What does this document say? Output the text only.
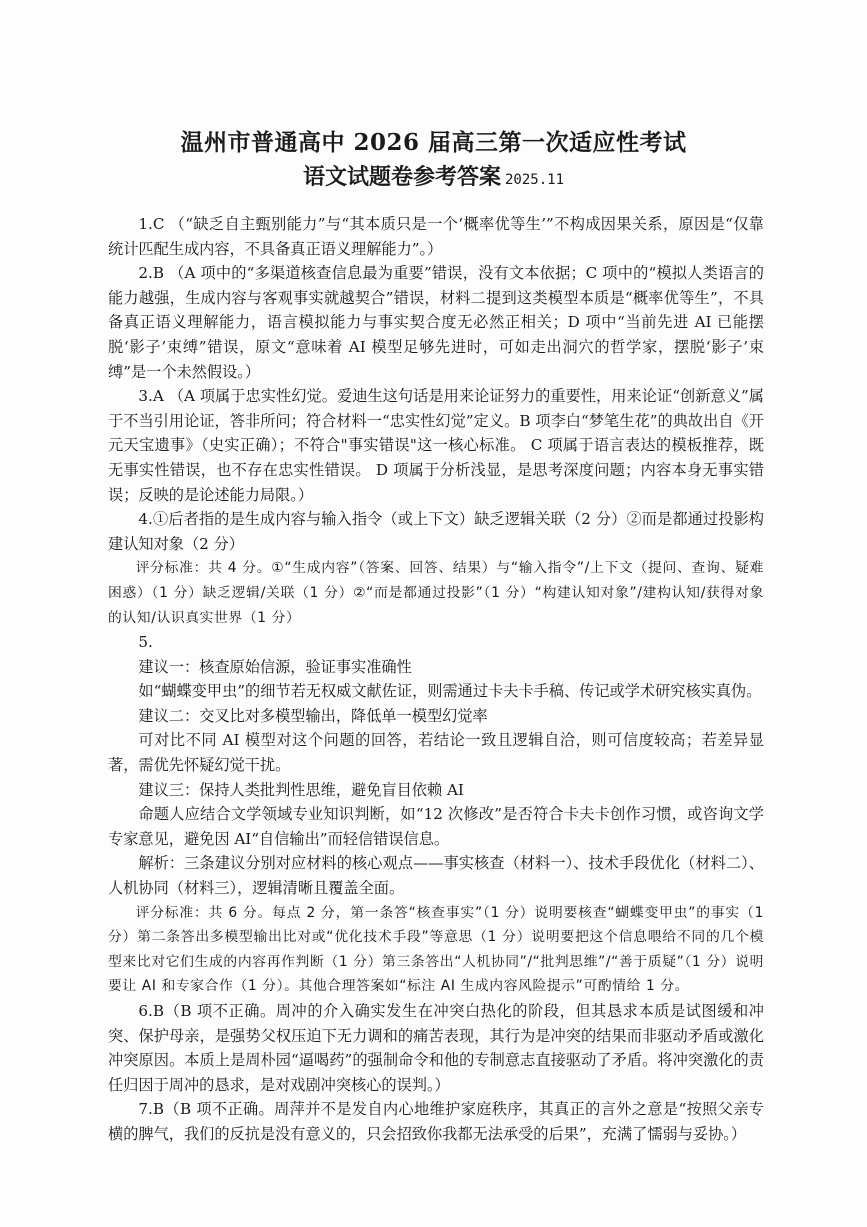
温州市普通高中 2026 届高三第一次适应性考试
语文试题卷参考答案 2025.11

1.C （“缺乏自主甄别能力”与“其本质只是一个‘概率优等生’”不构成因果关系，原因是“仅靠统计匹配生成内容，不具备真正语义理解能力”。）

2.B （A 项中的“多渠道核查信息最为重要”错误，没有文本依据；C 项中的“模拟人类语言的能力越强，生成内容与客观事实就越契合”错误，材料二提到这类模型本质是“概率优等生”，不具备真正语义理解能力，语言模拟能力与事实契合度无必然正相关；D 项中“当前先进 AI 已能摆脱‘影子’束缚”错误，原文“意味着 AI 模型足够先进时，可如走出洞穴的哲学家，摆脱‘影子’束缚”是一个未然假设。）

3.A （A 项属于忠实性幻觉。爱迪生这句话是用来论证努力的重要性，用来论证“创新意义”属于不当引用论证，答非所问；符合材料一“忠实性幻觉”定义。B 项李白“梦笔生花”的典故出自《开元天宝遗事》（史实正确）；不符合"事实错误"这一核心标准。 C 项属于语言表达的模板推荐，既无事实性错误，也不存在忠实性错误。 D 项属于分析浅显，是思考深度问题；内容本身无事实错误；反映的是论述能力局限。）

4.①后者指的是生成内容与输入指令（或上下文）缺乏逻辑关联（2 分）②而是都通过投影构建认知对象（2 分）

评分标准：共 4 分。①“生成内容”（答案、回答、结果）与“输入指令”/上下文（提问、查询、疑难困惑）（1 分）缺乏逻辑/关联（1 分）②“而是都通过投影”（1 分）“构建认知对象”/建构认知/获得对象的认知/认识真实世界（1 分）

5.

建议一：核查原始信源，验证事实准确性

如“蝴蝶变甲虫”的细节若无权威文献佐证，则需通过卡夫卡手稿、传记或学术研究核实真伪。

建议二：交叉比对多模型输出，降低单一模型幻觉率

可对比不同 AI 模型对这个问题的回答，若结论一致且逻辑自洽，则可信度较高；若差异显著，需优先怀疑幻觉干扰。

建议三：保持人类批判性思维，避免盲目依赖 AI

命题人应结合文学领域专业知识判断，如“12 次修改”是否符合卡夫卡创作习惯，或咨询文学专家意见，避免因 AI“自信输出”而轻信错误信息。

解析：三条建议分别对应材料的核心观点——事实核查（材料一）、技术手段优化（材料二）、人机协同（材料三），逻辑清晰且覆盖全面。

评分标准：共 6 分。每点 2 分，第一条答“核查事实”（1 分）说明要核查“蝴蝶变甲虫”的事实（1 分）第二条答出多模型输出比对或“优化技术手段”等意思（1 分）说明要把这个信息喂给不同的几个模型来比对它们生成的内容再作判断（1 分）第三条答出“人机协同”/“批判思维”/“善于质疑”（1 分）说明要让 AI 和专家合作（1 分）。其他合理答案如“标注 AI 生成内容风险提示”可酌情给 1 分。

6.B（B 项不正确。周冲的介入确实发生在冲突白热化的阶段，但其恳求本质是试图缓和冲突、保护母亲，是强势父权压迫下无力调和的痛苦表现，其行为是冲突的结果而非驱动矛盾或激化冲突原因。本质上是周朴园“逼喝药”的强制命令和他的专制意志直接驱动了矛盾。将冲突激化的责任归因于周冲的恳求，是对戏剧冲突核心的误判。）

7.B（B 项不正确。周萍并不是发自内心地维护家庭秩序，其真正的言外之意是“按照父亲专横的脾气，我们的反抗是没有意义的，只会招致你我都无法承受的后果”，充满了懦弱与妥协。）
